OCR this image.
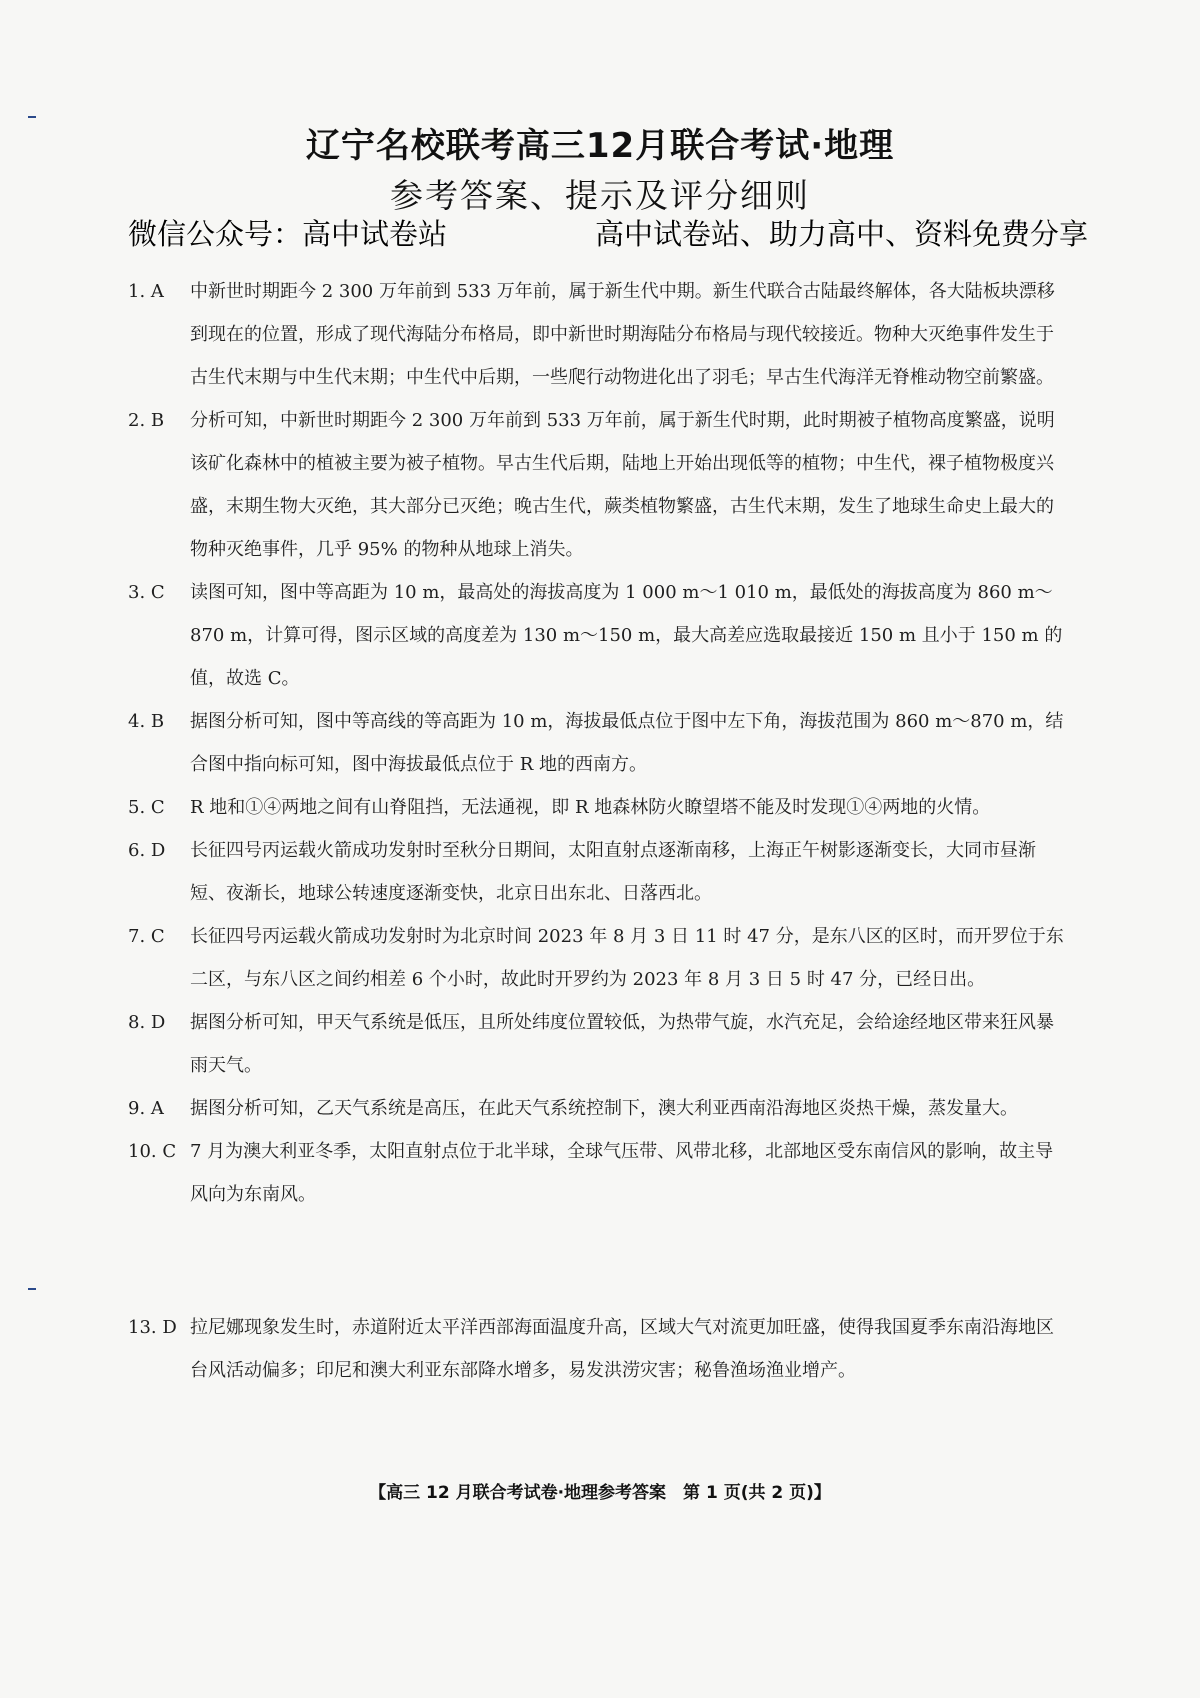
辽宁名校联考高三12月联合考试·地理
参考答案、提示及评分细则
微信公众号：高中试卷站	高中试卷站、助力高中、资料免费分享
1. A	中新世时期距今 2 300 万年前到 533 万年前，属于新生代中期。新生代联合古陆最终解体，各大陆板块漂移到现在的位置，形成了现代海陆分布格局，即中新世时期海陆分布格局与现代较接近。物种大灭绝事件发生于古生代末期与中生代末期；中生代中后期，一些爬行动物进化出了羽毛；早古生代海洋无脊椎动物空前繁盛。
2. B	分析可知，中新世时期距今 2 300 万年前到 533 万年前，属于新生代时期，此时期被子植物高度繁盛，说明该矿化森林中的植被主要为被子植物。早古生代后期，陆地上开始出现低等的植物；中生代，裸子植物极度兴盛，末期生物大灭绝，其大部分已灭绝；晚古生代，蕨类植物繁盛，古生代末期，发生了地球生命史上最大的物种灭绝事件，几乎 95% 的物种从地球上消失。
3. C	读图可知，图中等高距为 10 m，最高处的海拔高度为 1 000 m～1 010 m，最低处的海拔高度为 860 m～870 m，计算可得，图示区域的高度差为 130 m～150 m，最大高差应选取最接近 150 m 且小于 150 m 的值，故选 C。
4. B	据图分析可知，图中等高线的等高距为 10 m，海拔最低点位于图中左下角，海拔范围为 860 m～870 m，结合图中指向标可知，图中海拔最低点位于 R 地的西南方。
5. C	R 地和①④两地之间有山脊阻挡，无法通视，即 R 地森林防火瞭望塔不能及时发现①④两地的火情。
6. D	长征四号丙运载火箭成功发射时至秋分日期间，太阳直射点逐渐南移，上海正午树影逐渐变长，大同市昼渐短、夜渐长，地球公转速度逐渐变快，北京日出东北、日落西北。
7. C	长征四号丙运载火箭成功发射时为北京时间 2023 年 8 月 3 日 11 时 47 分，是东八区的区时，而开罗位于东二区，与东八区之间约相差 6 个小时，故此时开罗约为 2023 年 8 月 3 日 5 时 47 分，已经日出。
8. D	据图分析可知，甲天气系统是低压，且所处纬度位置较低，为热带气旋，水汽充足，会给途经地区带来狂风暴雨天气。
9. A	据图分析可知，乙天气系统是高压，在此天气系统控制下，澳大利亚西南沿海地区炎热干燥，蒸发量大。
10. C 7 月为澳大利亚冬季，太阳直射点位于北半球，全球气压带、风带北移，北部地区受东南信风的影响，故主导风向为东南风。
13. D 拉尼娜现象发生时，赤道附近太平洋西部海面温度升高，区域大气对流更加旺盛，使得我国夏季东南沿海地区台风活动偏多；印尼和澳大利亚东部降水增多，易发洪涝灾害；秘鲁渔场渔业增产。
【高三 12 月联合考试卷·地理参考答案　第 1 页(共 2 页)】
